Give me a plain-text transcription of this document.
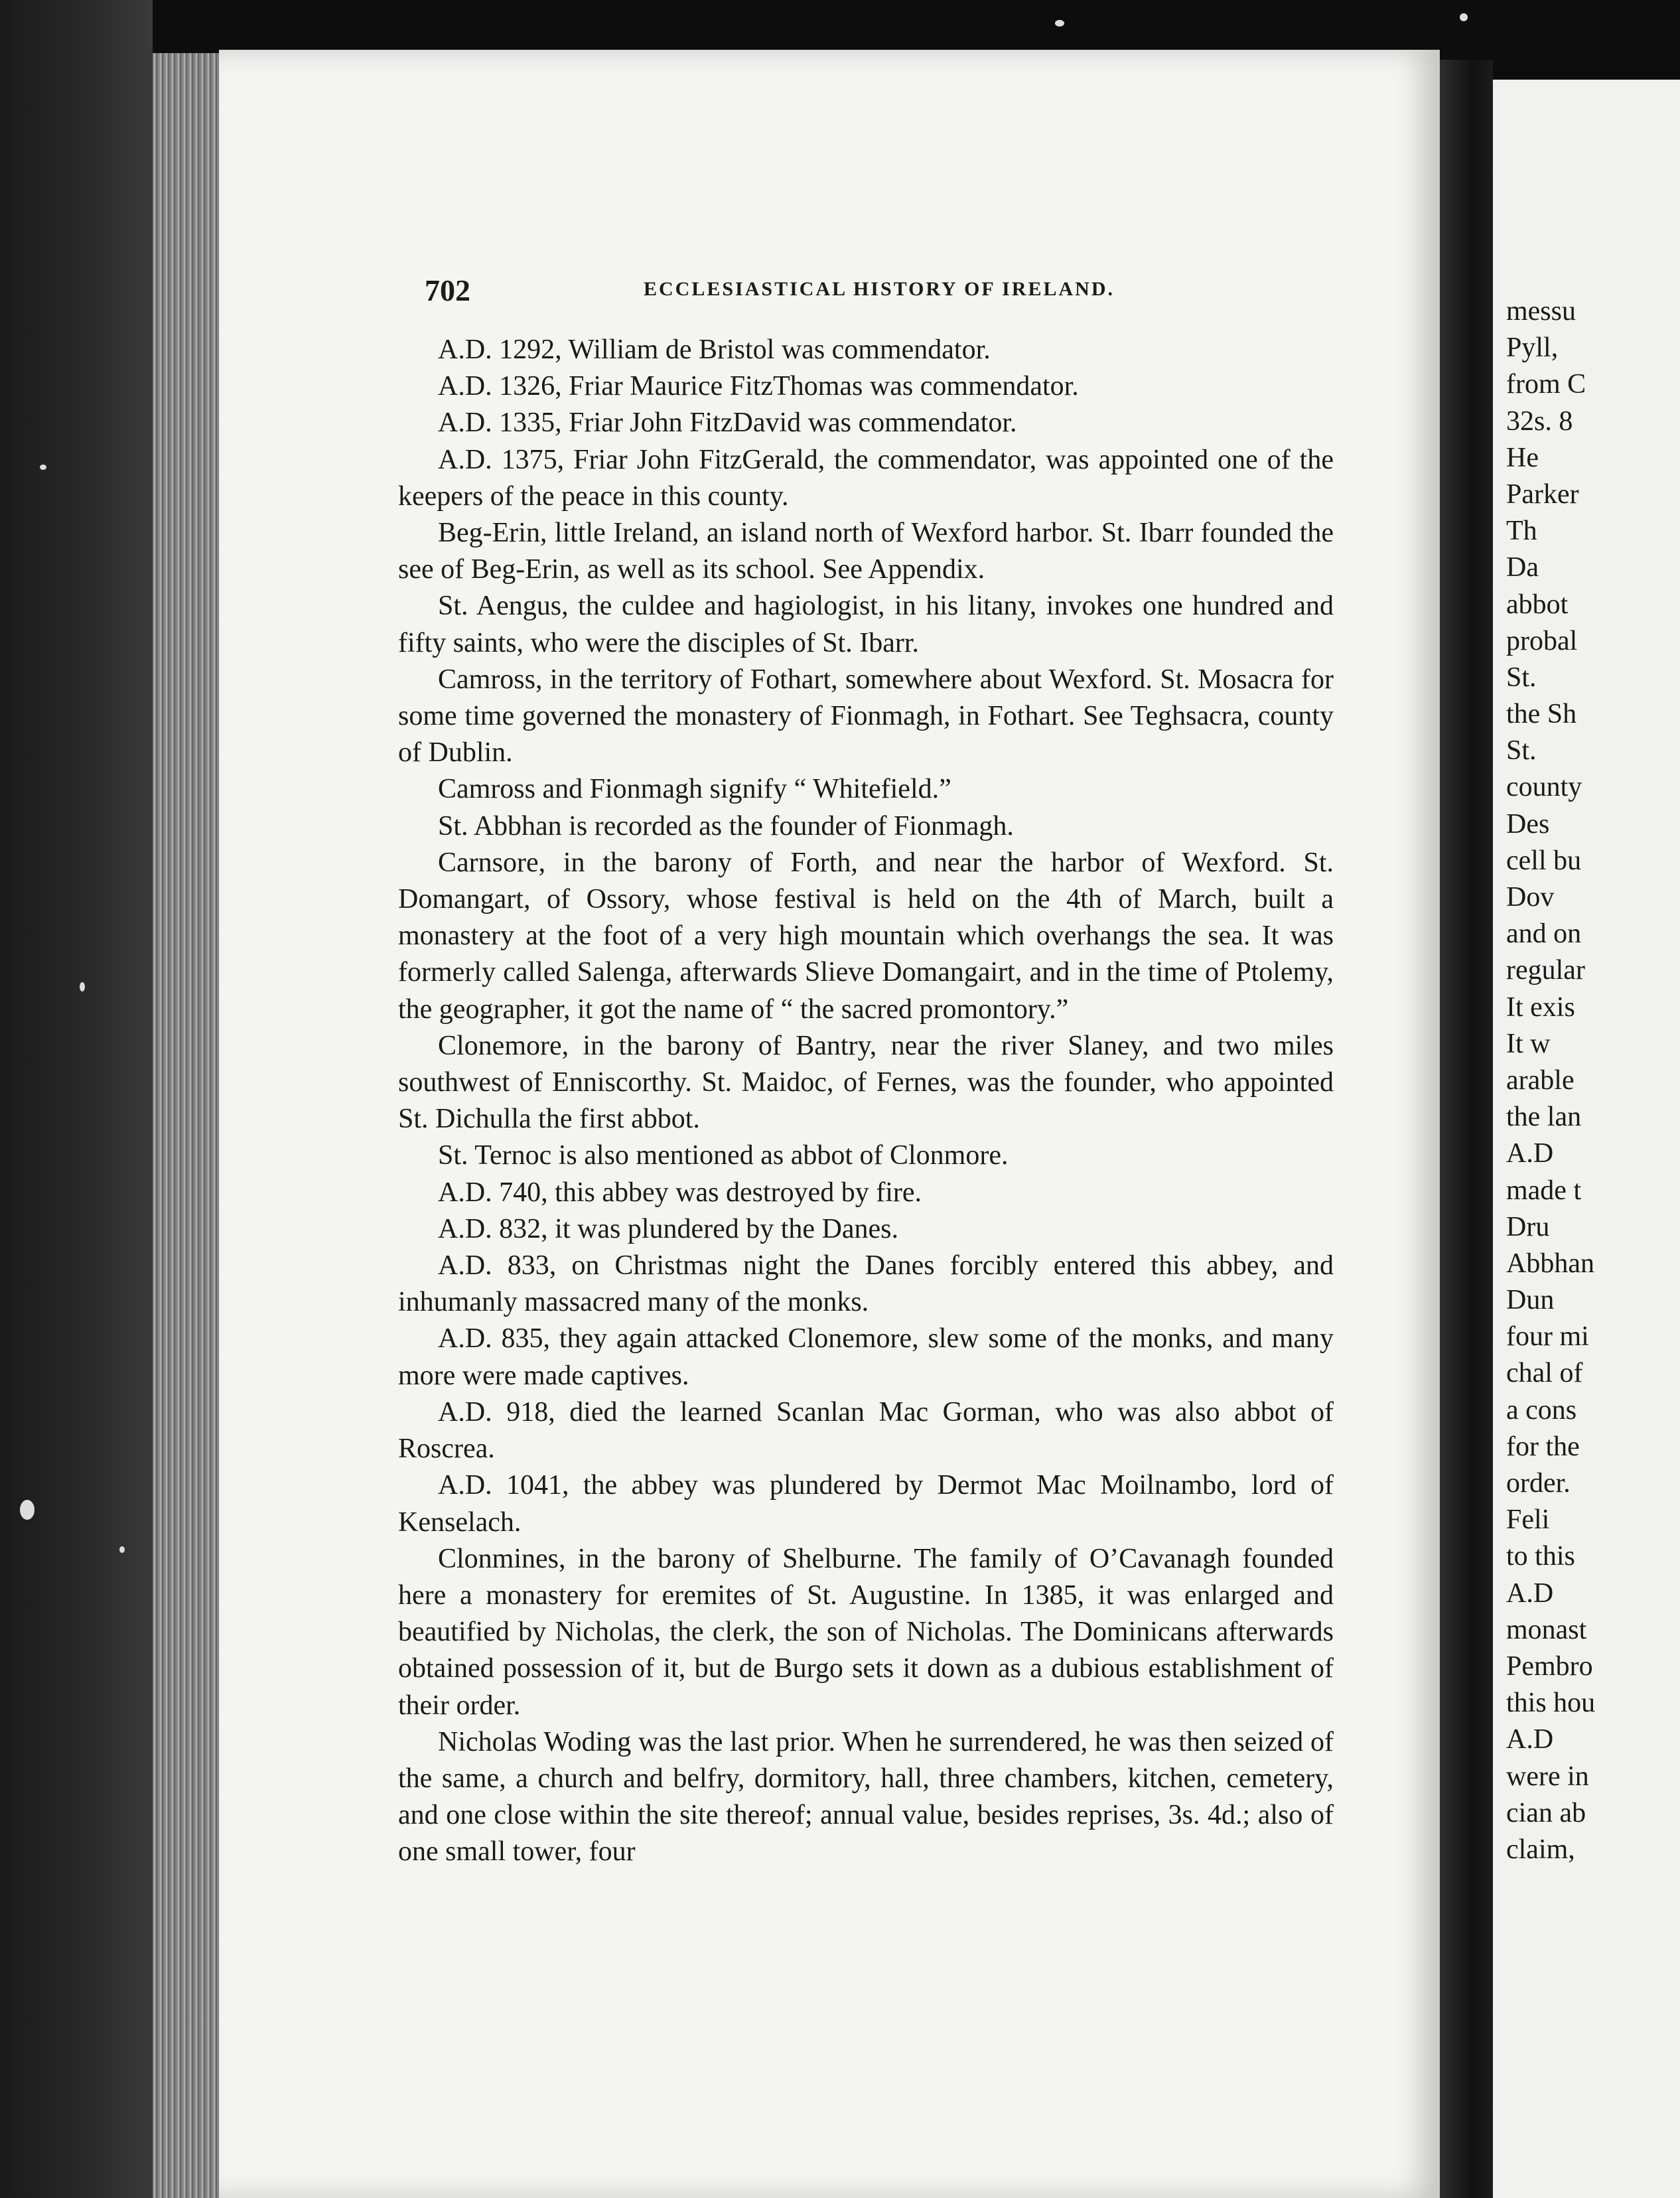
702	ECCLESIASTICAL HISTORY OF IRELAND.

A.D. 1292, William de Bristol was commendator.

A.D. 1326, Friar Maurice FitzThomas was commendator.

A.D. 1335, Friar John FitzDavid was commendator.

A.D. 1375, Friar John FitzGerald, the commendator, was appointed one of the keepers of the peace in this county.

Beg-Erin, little Ireland, an island north of Wexford harbor. St. Ibarr founded the see of Beg-Erin, as well as its school. See Appendix.

St. Aengus, the culdee and hagiologist, in his litany, invokes one hundred and fifty saints, who were the disciples of St. Ibarr.

Camross, in the territory of Fothart, somewhere about Wexford. St. Mosacra for some time governed the monastery of Fionmagh, in Fothart. See Teghsacra, county of Dublin.

Camross and Fionmagh signify “ Whitefield.”

St. Abbhan is recorded as the founder of Fionmagh.

Carnsore, in the barony of Forth, and near the harbor of Wexford. St. Domangart, of Ossory, whose festival is held on the 4th of March, built a monastery at the foot of a very high mountain which overhangs the sea. It was formerly called Salenga, afterwards Slieve Domangairt, and in the time of Ptolemy, the geographer, it got the name of “ the sacred promontory.”

Clonemore, in the barony of Bantry, near the river Slaney, and two miles southwest of Enniscorthy. St. Maidoc, of Fernes, was the founder, who appointed St. Dichulla the first abbot.

St. Ternoc is also mentioned as abbot of Clonmore.

A.D. 740, this abbey was destroyed by fire.

A.D. 832, it was plundered by the Danes.

A.D. 833, on Christmas night the Danes forcibly entered this abbey, and inhumanly massacred many of the monks.

A.D. 835, they again attacked Clonemore, slew some of the monks, and many more were made captives.

A.D. 918, died the learned Scanlan Mac Gorman, who was also abbot of Roscrea.

A.D. 1041, the abbey was plundered by Dermot Mac Moilnambo, lord of Kenselach.

Clonmines, in the barony of Shelburne. The family of O’Cavanagh founded here a monastery for eremites of St. Augustine. In 1385, it was enlarged and beautified by Nicholas, the clerk, the son of Nicholas. The Dominicans afterwards obtained possession of it, but de Burgo sets it down as a dubious establishment of their order.

Nicholas Woding was the last prior. When he surrendered, he was then seized of the same, a church and belfry, dormitory, hall, three chambers, kitchen, cemetery, and one close within the site thereof; annual value, besides reprises, 3s. 4d.; also of one small tower, four

messu
Pyll,
from C
32s. 8
He
Parker
Th
Da
abbot
probal
St.
the Sh
St.
county
Des
cell bu
Dov
and on
regular
It exis
It w
arable
the lan
A.D
made t
Dru
Abbhan
Dun
four mi
chal of
a cons
for the
order.
Feli
to this
A.D
monast
Pembro
this hou
A.D
were in
cian ab
claim,
